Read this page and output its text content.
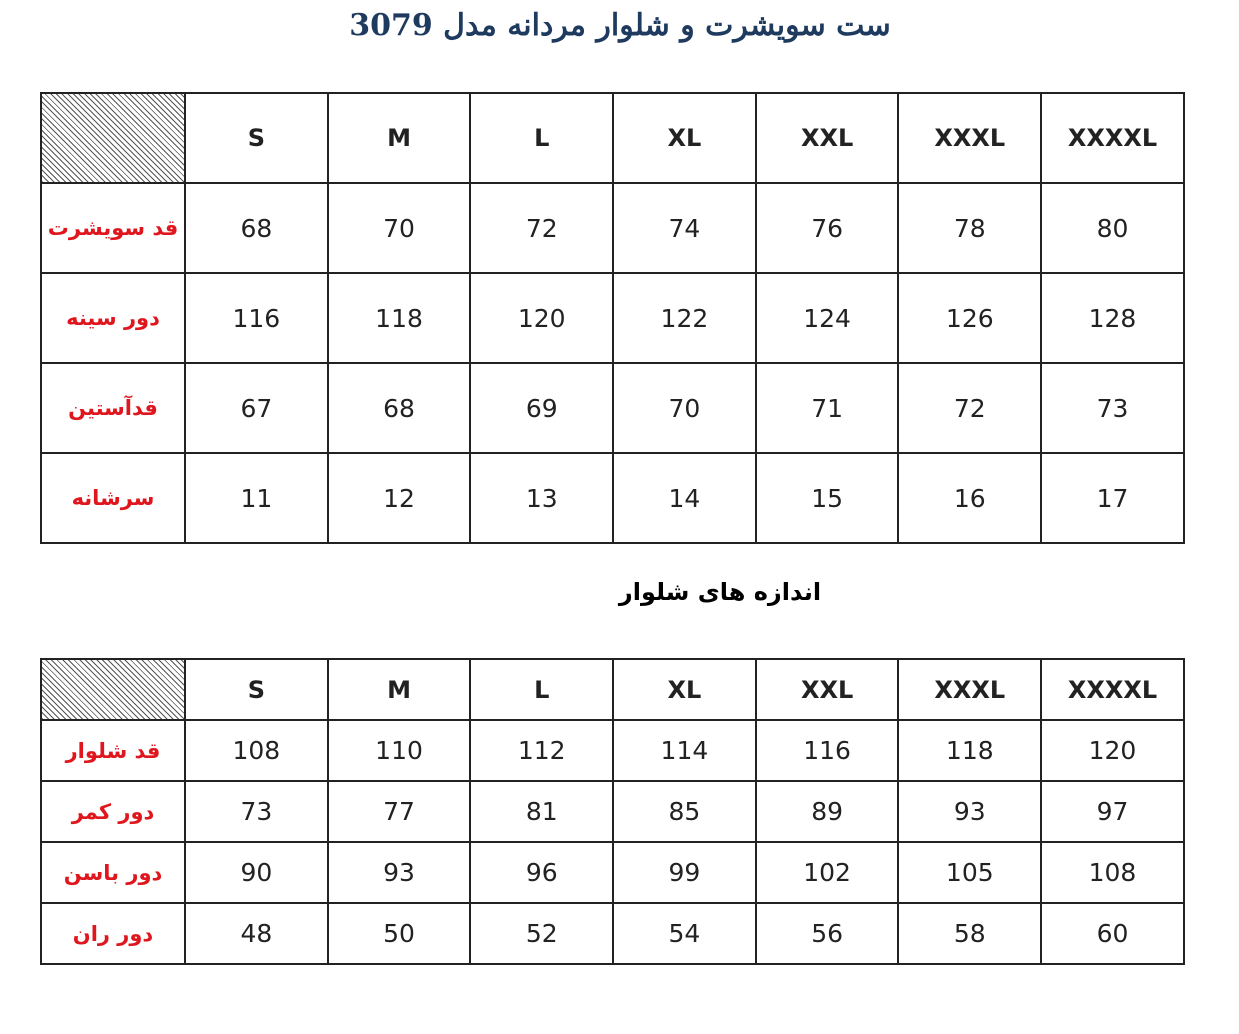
ست سویشرت و شلوار مردانه مدل 3079
	S	M	L	XL	XXL	XXXL	XXXXL
قد سویشرت	68	70	72	74	76	78	80
دور سینه	116	118	120	122	124	126	128
قدآستین	67	68	69	70	71	72	73
سرشانه	11	12	13	14	15	16	17
اندازه های شلوار
	S	M	L	XL	XXL	XXXL	XXXXL
قد شلوار	108	110	112	114	116	118	120
دور کمر	73	77	81	85	89	93	97
دور باسن	90	93	96	99	102	105	108
دور ران	48	50	52	54	56	58	60
